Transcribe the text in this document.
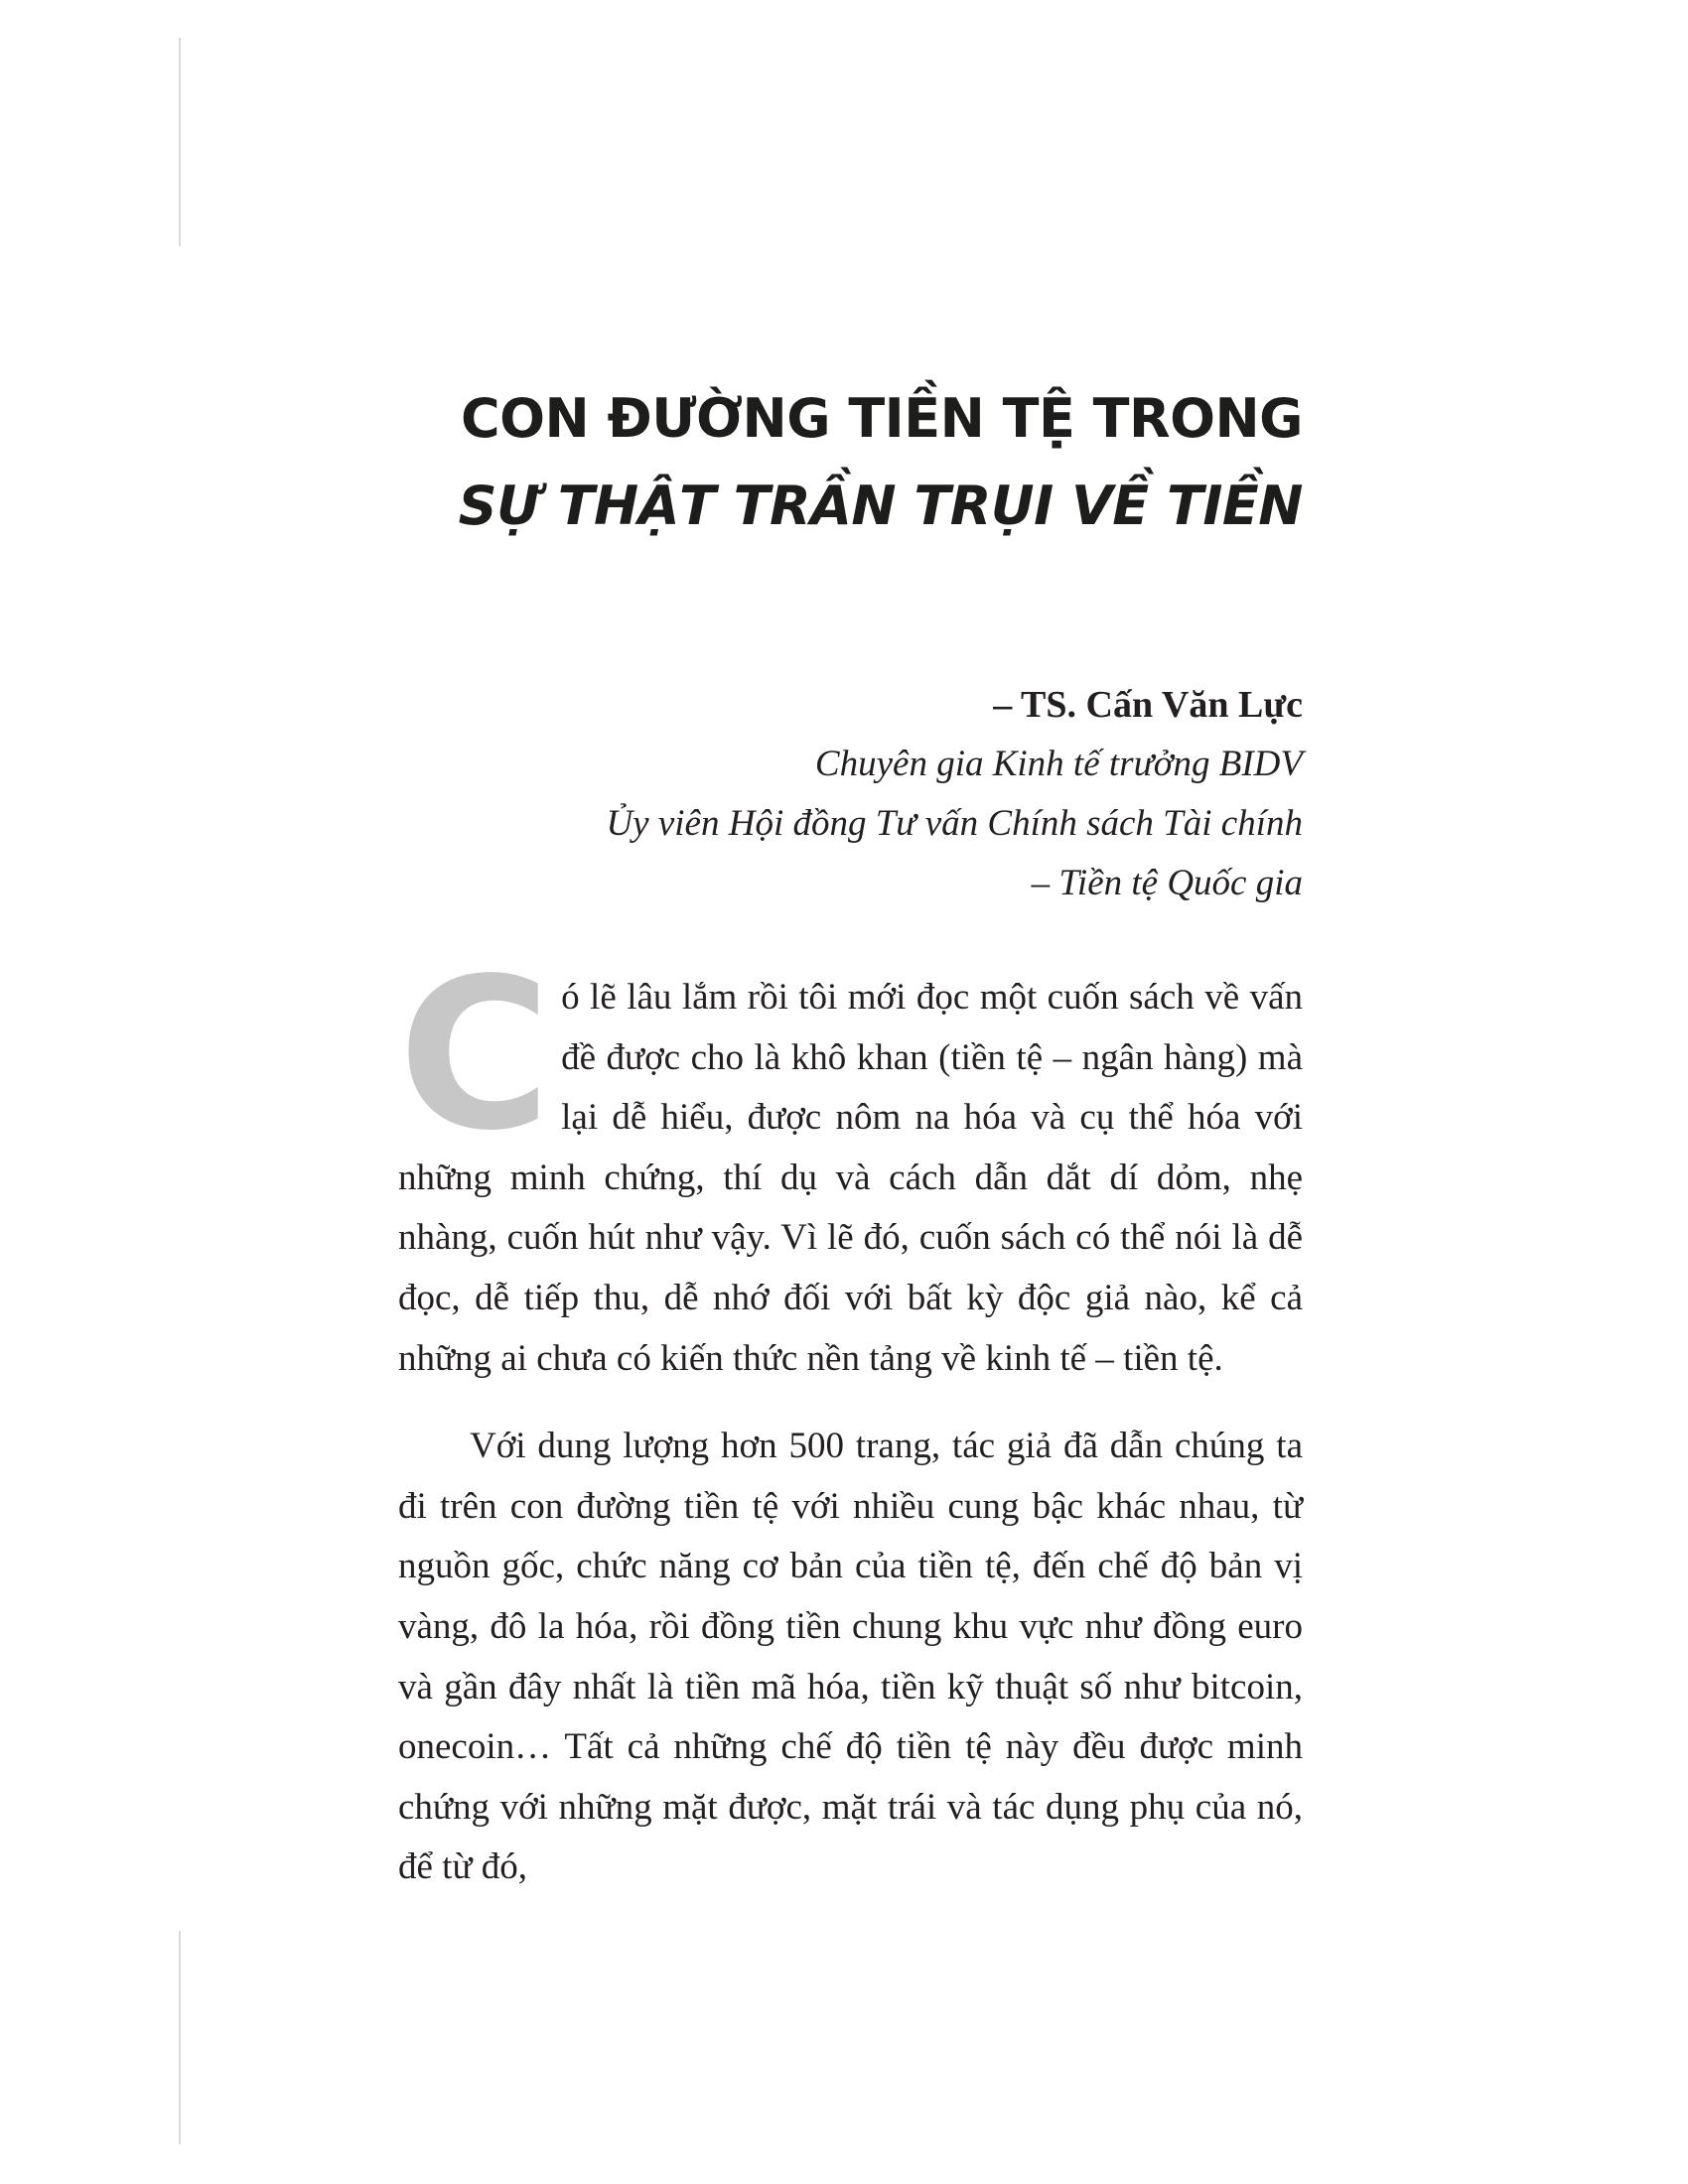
CON ĐƯỜNG TIỀN TỆ TRONG
SỰ THẬT TRẦN TRỤI VỀ TIỀN
– TS. Cấn Văn Lực
Chuyên gia Kinh tế trưởng BIDV
Ủy viên Hội đồng Tư vấn Chính sách Tài chính
– Tiền tệ Quốc gia

Có lẽ lâu lắm rồi tôi mới đọc một cuốn sách về vấn đề được cho là khô khan (tiền tệ – ngân hàng) mà lại dễ hiểu, được nôm na hóa và cụ thể hóa với những minh chứng, thí dụ và cách dẫn dắt dí dỏm, nhẹ nhàng, cuốn hút như vậy. Vì lẽ đó, cuốn sách có thể nói là dễ đọc, dễ tiếp thu, dễ nhớ đối với bất kỳ độc giả nào, kể cả những ai chưa có kiến thức nền tảng về kinh tế – tiền tệ.

Với dung lượng hơn 500 trang, tác giả đã dẫn chúng ta đi trên con đường tiền tệ với nhiều cung bậc khác nhau, từ nguồn gốc, chức năng cơ bản của tiền tệ, đến chế độ bản vị vàng, đô la hóa, rồi đồng tiền chung khu vực như đồng euro và gần đây nhất là tiền mã hóa, tiền kỹ thuật số như bitcoin, onecoin… Tất cả những chế độ tiền tệ này đều được minh chứng với những mặt được, mặt trái và tác dụng phụ của nó, để từ đó,
